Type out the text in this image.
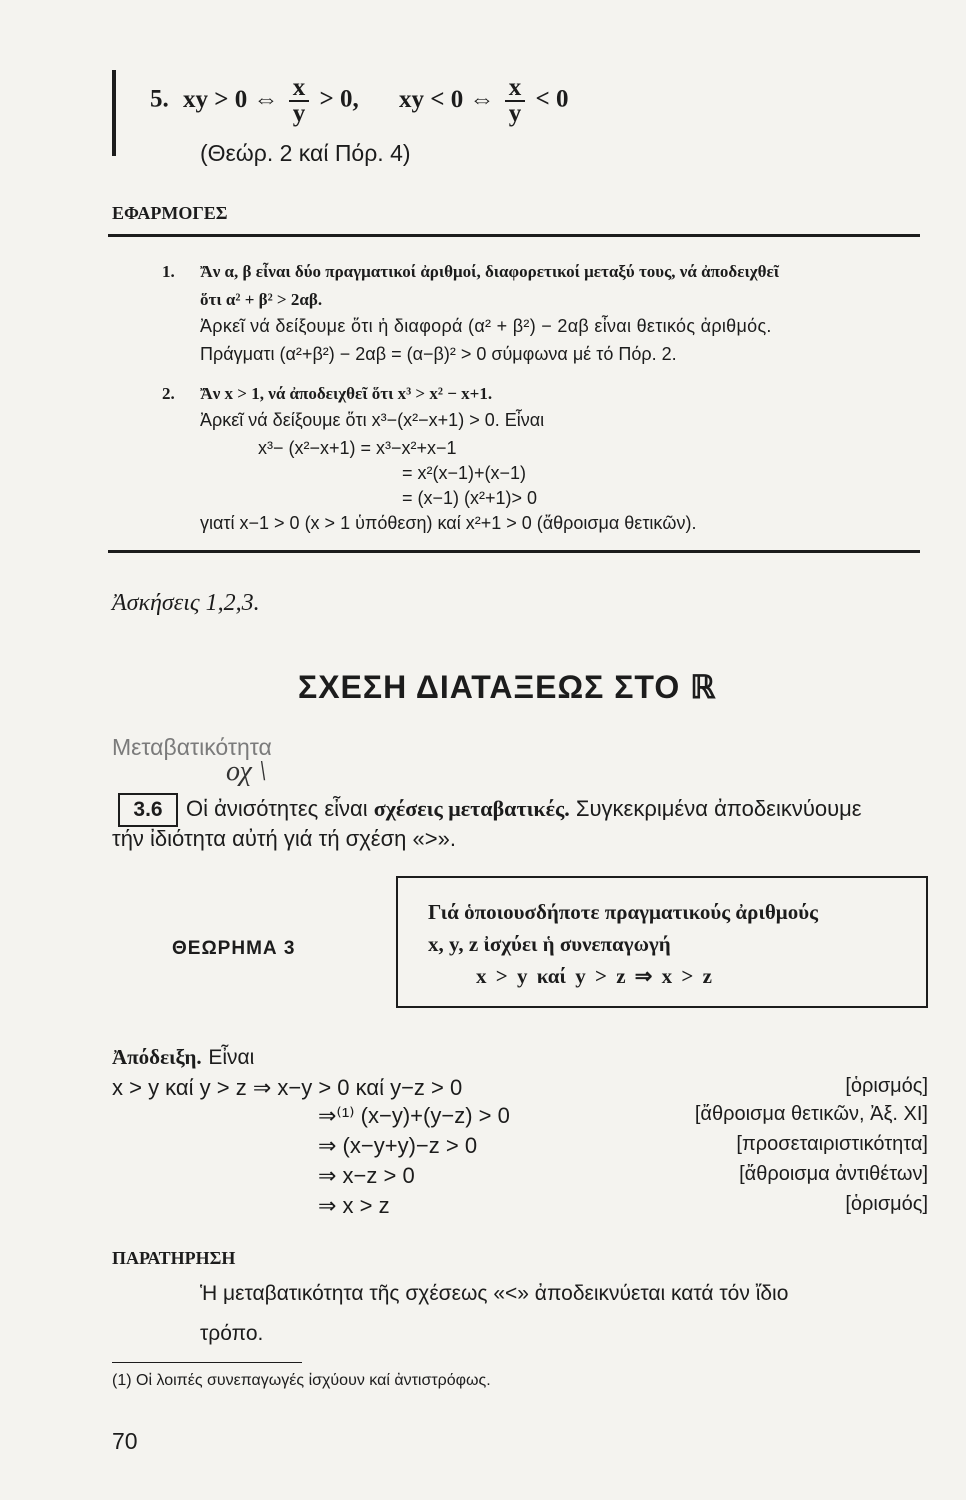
5. xy > 0 ⇔ $\frac{x}{y} > 0$, xy < 0 ⇔ $\frac{x}{y} < 0$
(Θεώρ. 2 καί Πόρ. 4)
ΕΦΑΡΜΟΓΕΣ
1. Ἄν α, β εἶναι δύο πραγματικοί ἀριθμοί, διαφορετικοί μεταξύ τους, νά ἀποδειχθεῖ
ὅτι α² + β² > 2αβ.
Ἀρκεῖ νά δείξουμε ὅτι ἡ διαφορά (α² + β²) − 2αβ εἶναι θετικός ἀριθμός.
Πράγματι (α²+β²) − 2αβ = (α−β)² > 0 σύμφωνα μέ τό Πόρ. 2.
2. Ἄν x > 1, νά ἀποδειχθεῖ ὅτι x³ > x² − x+1.
Ἀρκεῖ νά δείξουμε ὅτι x³−(x²−x+1) > 0. Εἶναι
x³− (x²−x+1) = x³−x²+x−1
= x²(x−1)+(x−1)
= (x−1) (x²+1)> 0
γιατί x−1 > 0 (x > 1 ὑπόθεση) καί x²+1 > 0 (ἄθροισμα θετικῶν).
Ἀσκήσεις 1,2,3.
ΣΧΕΣΗ ΔΙΑΤΑΞΕΩΣ ΣΤΟ ℝ
Μεταβατικότητα
οχ \
3.6	Οἱ ἀνισότητες εἶναι σχέσεις μεταβατικές. Συγκεκριμένα ἀποδεικνύουμε
τήν ἰδιότητα αὐτή γιά τή σχέση «>».
ΘΕΩΡΗΜΑ 3
Γιά ὁποιουσδήποτε πραγματικούς ἀριθμούς
x, y, z ἰσχύει ἡ συνεπαγωγή
x > y καί y > z ⇒ x > z
Ἀπόδειξη. Εἶναι
x > y καί y > z ⇒ x−y > 0 καί y−z > 0	[ὁρισμός]
⇒⁽¹⁾ (x−y)+(y−z) > 0	[ἄθροισμα θετικῶν, Ἀξ. XI]
⇒ (x−y+y)−z > 0	[προσεταιριστικότητα]
⇒ x−z > 0	[ἄθροισμα ἀντιθέτων]
⇒ x > z	[ὁρισμός]
ΠΑΡΑΤΗΡΗΣΗ
Ἡ μεταβατικότητα τῆς σχέσεως «<» ἀποδεικνύεται κατά τόν ἴδιο
τρόπο.
(1) Οἱ λοιπές συνεπαγωγές ἰσχύουν καί ἀντιστρόφως.
70
